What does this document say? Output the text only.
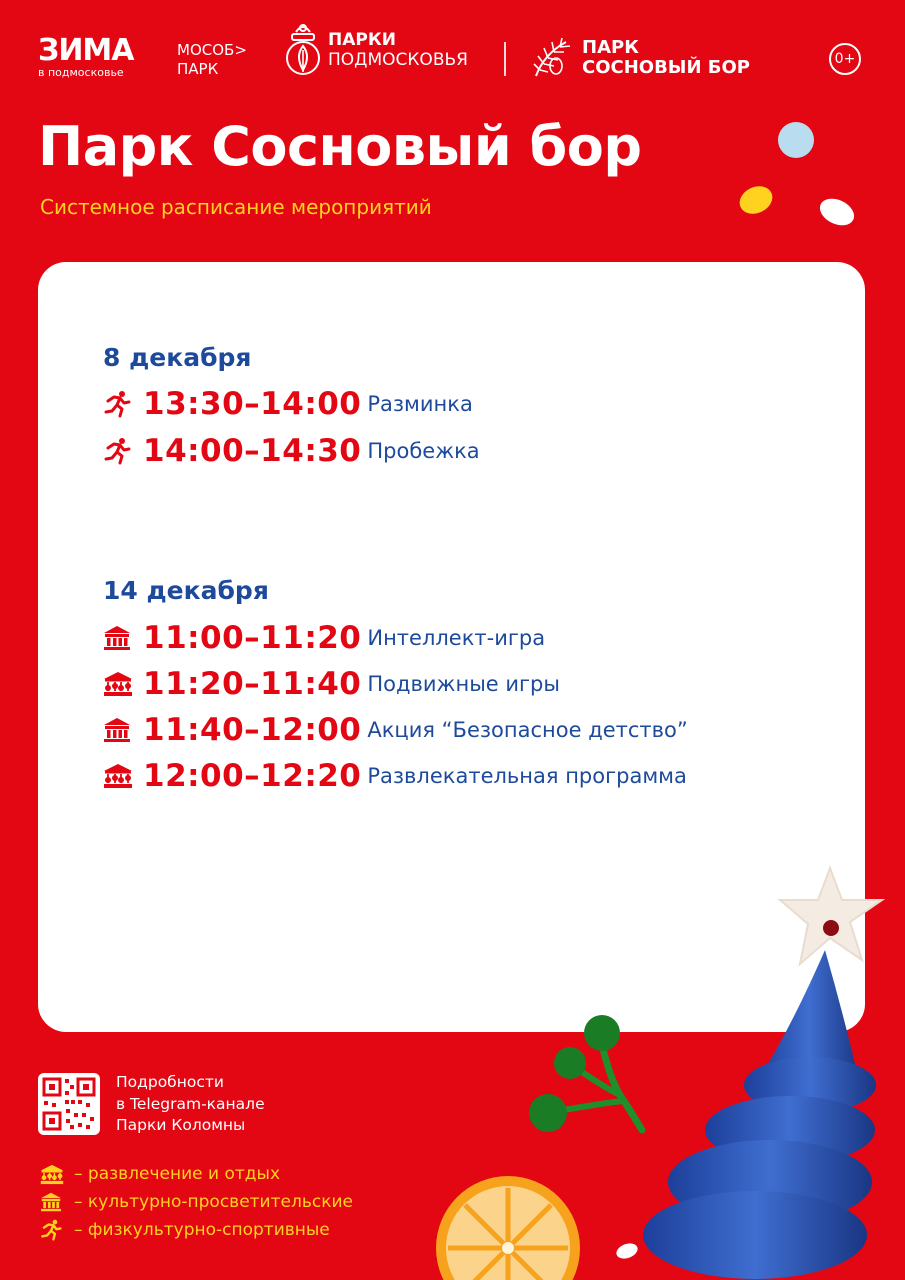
ЗИМА
в подмосковье
МОСОБ>
ПАРК
ПАРКИ
ПОДМОСКОВЬЯ
ПАРК
СОСНОВЫЙ БОР	0+
Парк Сосновый бор
Системное расписание мероприятий
8 декабря
13:30–14:00 Разминка
14:00–14:30 Пробежка
14 декабря
11:00–11:20 Интеллект-игра
11:20–11:40 Подвижные игры
11:40–12:00 Акция “Безопасное детство”
12:00–12:20 Развлекательная программа
Подробности
в Telegram-канале
Парки Коломны
– развлечение и отдых
– культурно-просветительские
– физкультурно-спортивные
